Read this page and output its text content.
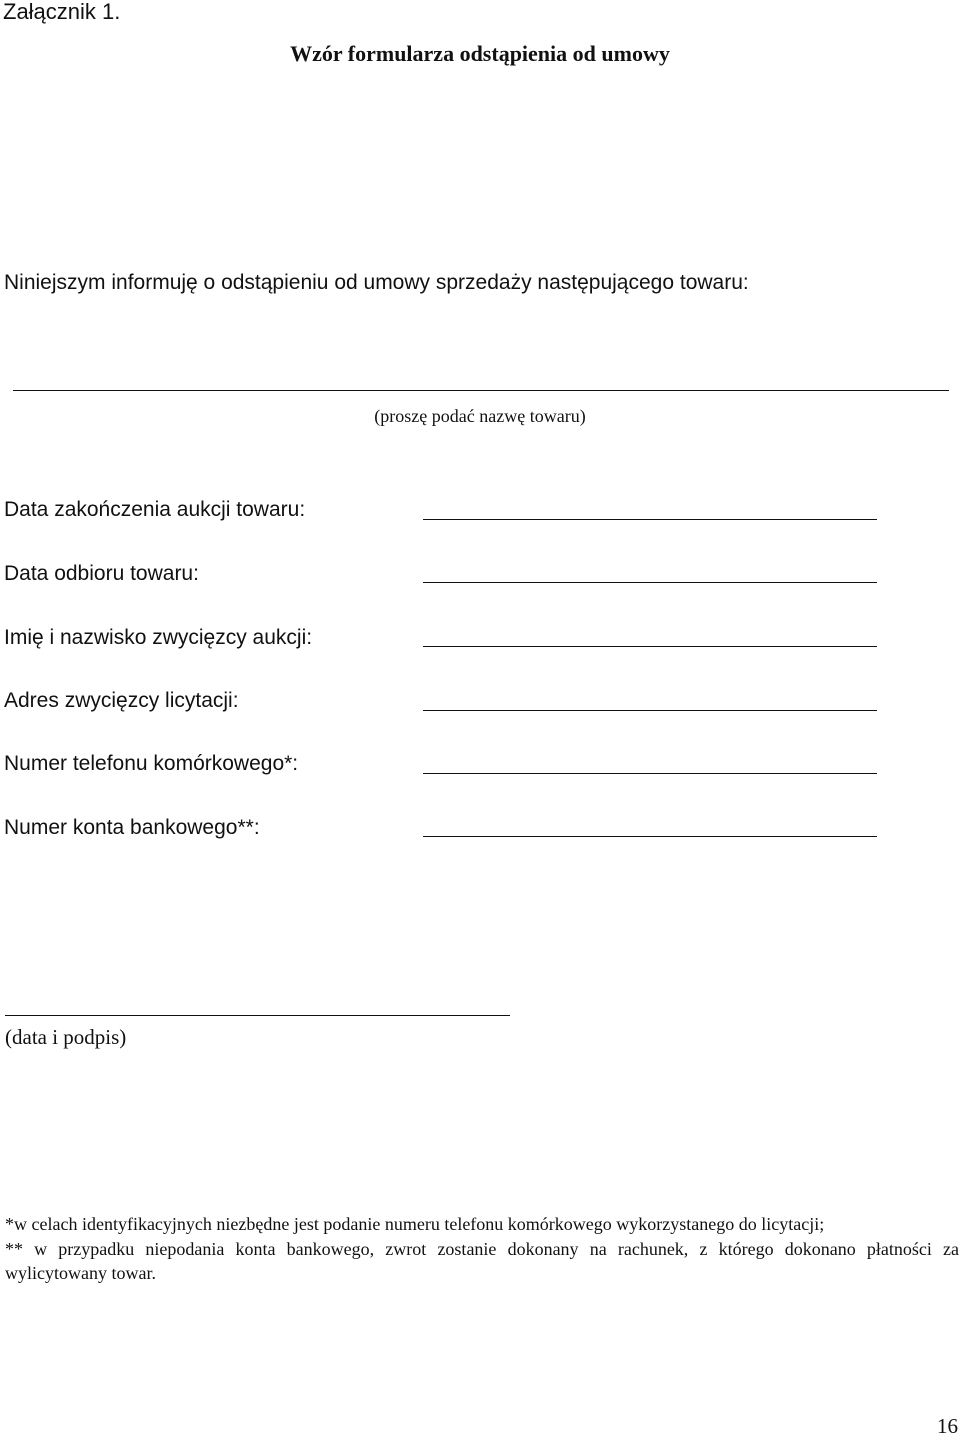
Załącznik 1.
Wzór formularza odstąpienia od umowy
Niniejszym informuję o odstąpieniu od umowy sprzedaży następującego towaru:
(proszę podać nazwę towaru)
Data zakończenia aukcji towaru:
Data odbioru towaru:
Imię i nazwisko zwycięzcy aukcji:
Adres zwycięzcy licytacji:
Numer telefonu komórkowego*:
Numer konta bankowego**:
(data i podpis)

*w celach identyfikacyjnych niezbędne jest podanie numeru telefonu komórkowego wykorzystanego do licytacji;

** w przypadku niepodania konta bankowego, zwrot zostanie dokonany na rachunek, z którego dokonano płatności za wylicytowany towar.

16
